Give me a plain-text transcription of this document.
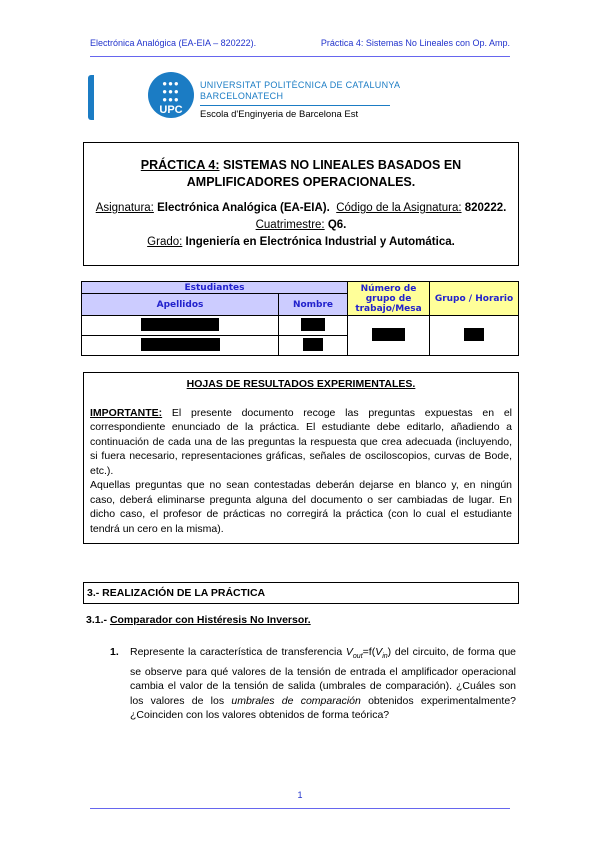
Electrónica Analógica (EA-EIA – 820222).	Práctica 4: Sistemas No Lineales con Op. Amp.
●●●
●●●
●●●
UPC
UNIVERSITAT POLITÈCNICA DE CATALUNYA
BARCELONATECH
Escola d'Enginyeria de Barcelona Est
PRÁCTICA 4: SISTEMAS NO LINEALES BASADOS EN AMPLIFICADORES OPERACIONALES.

Asignatura: Electrónica Analógica (EA-EIA). Código de la Asignatura: 820222.

Cuatrimestre: Q6.

Grado: Ingeniería en Electrónica Industrial y Automática.

Estudiantes		Número de grupo de trabajo/Mesa	Grupo / Horario
Apellidos	Nombre		

HOJAS DE RESULTADOS EXPERIMENTALES.
IMPORTANTE: El presente documento recoge las preguntas expuestas en el correspondiente enunciado de la práctica. El estudiante debe editarlo, añadiendo a continuación de cada una de las preguntas la respuesta que crea adecuada (incluyendo, si fuera necesario, representaciones gráficas, señales de osciloscopios, curvas de Bode, etc.).
Aquellas preguntas que no sean contestadas deberán dejarse en blanco y, en ningún caso, deberá eliminarse pregunta alguna del documento o ser cambiadas de lugar. En dicho caso, el profesor de prácticas no corregirá la práctica (con lo cual el estudiante tendrá un cero en la misma).
3.- REALIZACIÓN DE LA PRÁCTICA
3.1.- Comparador con Histéresis No Inversor.
1. Represente la característica de transferencia $V_{out}=f(V_{in})$ del circuito, de forma que se observe para qué valores de la tensión de entrada el amplificador operacional cambia el valor de la tensión de salida (umbrales de comparación). ¿Cuáles son los valores de los umbrales de comparación obtenidos experimentalmente? ¿Coinciden con los valores obtenidos de forma teórica?
1
